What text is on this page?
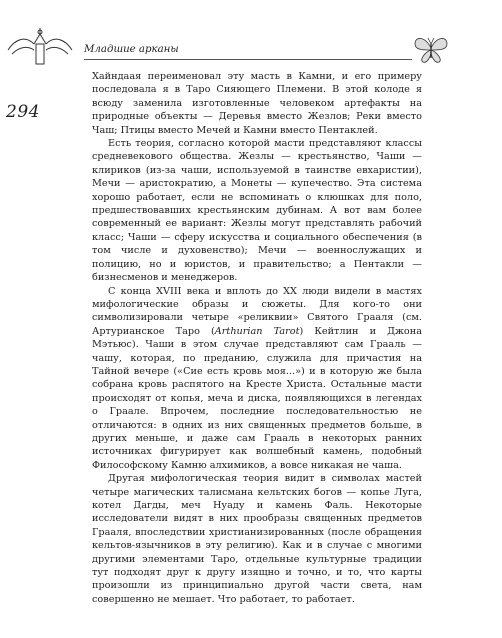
Младшие арканы
294

Хайндаая переименовал эту масть в Камни, и его примеру последовала я в Таро Сияющего Племени. В этой колоде я всюду заменила изготовленные человеком артефакты на природные объекты — Деревья вместо Жезлов; Реки вместо Чаш; Птицы вместо Мечей и Камни вместо Пентаклей.

Есть теория, согласно которой масти представляют классы средневекового общества. Жезлы — крестьянство, Чаши — клириков (из-за чаши, используемой в таинстве евхаристии), Мечи — аристократию, а Монеты — купечество. Эта система хорошо работает, если не вспоминать о клюшках для поло, предшествовавших крестьянским дубинам. А вот вам более современный ее вариант: Жезлы могут представлять рабочий класс; Чаши — сферу искусства и социального обеспечения (в том числе и духовенство); Мечи — военнослужащих и полицию, но и юристов, и правительство; а Пентакли — бизнесменов и менеджеров.

С конца XVIII века и вплоть до XX люди видели в мастях мифологические образы и сюжеты. Для кого-то они символизировали четыре «реликвии» Святого Грааля (см. Артурианское Таро (Arthurian Tarot) Кейтлин и Джона Мэтьюс). Чаши в этом случае представляют сам Грааль — чашу, которая, по преданию, служила для причастия на Тайной вечере («Сие есть кровь моя...») и в которую же была собрана кровь распятого на Кресте Христа. Остальные масти происходят от копья, меча и диска, появляющихся в легендах о Граале. Впрочем, последние последовательностью не отличаются: в одних из них священных предметов больше, в других меньше, и даже сам Грааль в некоторых ранних источниках фигурирует как волшебный камень, подобный Философскому Камню алхимиков, а вовсе никакая не чаша.

Другая мифологическая теория видит в символах мастей четыре магических талисмана кельтских богов — копье Луга, котел Дагды, меч Нуаду и камень Фаль. Некоторые исследователи видят в них прообразы священных предметов Грааля, впоследствии христианизированных (после обращения кельтов-язычников в эту религию). Как и в случае с многими другими элементами Таро, отдельные культурные традиции тут подходят друг к другу изящно и точно, и то, что карты произошли из принципиально другой части света, нам совершенно не мешает. Что работает, то работает.
